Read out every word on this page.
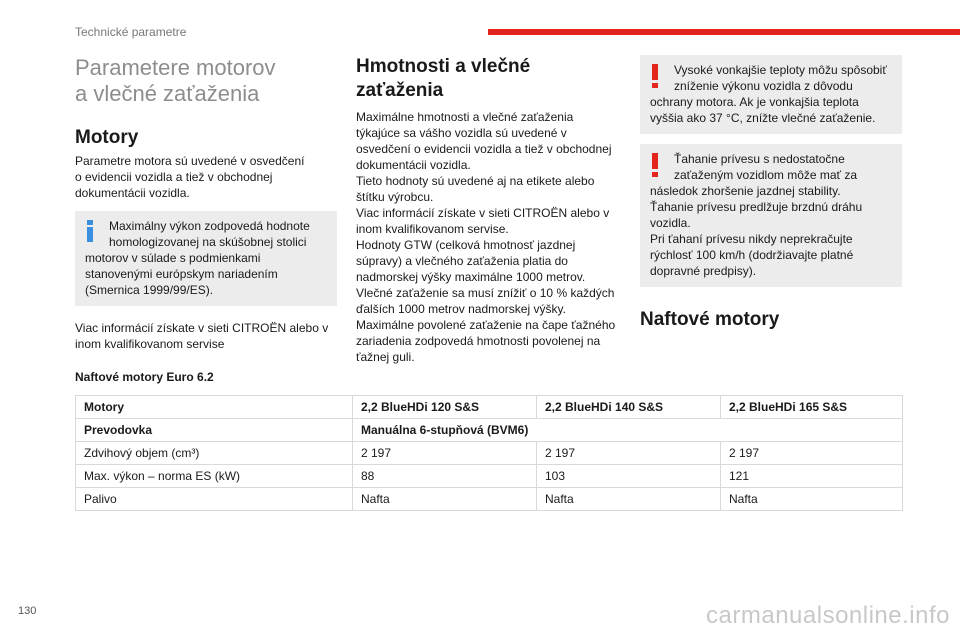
Technické parametre
Parametere motorov
a vlečné zaťaženia
Motory

Parametre motora sú uvedené v osvedčení
o evidencii vozidla a tiež v obchodnej
dokumentácii vozidla.

Maximálny výkon zodpovedá hodnote
homologizovanej na skúšobnej stolici
motorov v súlade s podmienkami
stanovenými európskym nariadením
(Smernica 1999/99/ES).

Viac informácií získate v sieti CITROËN alebo v
inom kvalifikovanom servise

Hmotnosti a vlečné
zaťaženia

Maximálne hmotnosti a vlečné zaťaženia
týkajúce sa vášho vozidla sú uvedené v
osvedčení o evidencii vozidla a tiež v obchodnej
dokumentácii vozidla.
Tieto hodnoty sú uvedené aj na etikete alebo
štítku výrobcu.
Viac informácií získate v sieti CITROËN alebo v
inom kvalifikovanom servise.
Hodnoty GTW (celková hmotnosť jazdnej
súpravy) a vlečného zaťaženia platia do
nadmorskej výšky maximálne 1000 metrov.
Vlečné zaťaženie sa musí znížiť o 10 % každých
ďalších 1000 metrov nadmorskej výšky.
Maximálne povolené zaťaženie na čape ťažného
zariadenia zodpovedá hmotnosti povolenej na
ťažnej guli.

Vysoké vonkajšie teploty môžu spôsobiť
zníženie výkonu vozidla z dôvodu
ochrany motora. Ak je vonkajšia teplota
vyššia ako 37 °C, znížte vlečné zaťaženie.
Ťahanie prívesu s nedostatočne
zaťaženým vozidlom môže mať za
následok zhoršenie jazdnej stability.
Ťahanie prívesu predlžuje brzdnú dráhu
vozidla.
Pri ťahaní prívesu nikdy neprekračujte
rýchlosť 100 km/h (dodržiavajte platné
dopravné predpisy).
Naftové motory
Naftové motory Euro 6.2
Motory	2,2 BlueHDi 120 S&S	2,2 BlueHDi 140 S&S	2,2 BlueHDi 165 S&S
Prevodovka	Manuálna 6-stupňová (BVM6)		
Zdvihový objem (cm³)	2 197	2 197	2 197
Max. výkon – norma ES (kW)	88	103	121
Palivo	Nafta	Nafta	Nafta
130	carmanualsonline.info
